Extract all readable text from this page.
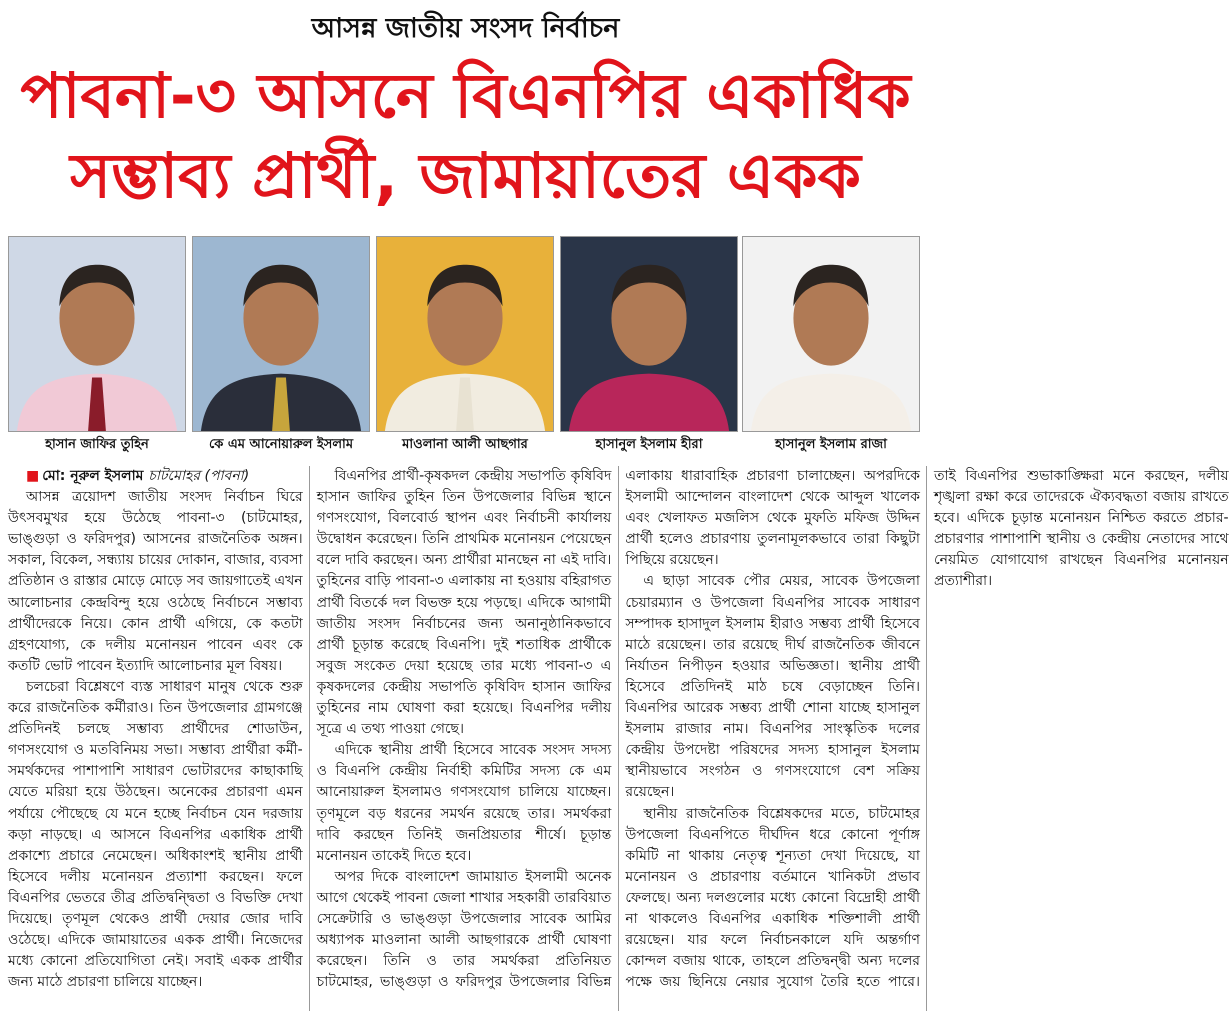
আসন্ন জাতীয় সংসদ নির্বাচন
পাবনা-৩ আসনে বিএনপির একাধিক
সম্ভাব্য প্রার্থী, জামায়াতের একক
হাসান জাফির তুহিন	কে এম আনোয়ারুল ইসলাম	মাওলানা আলী আছগার	হাসানুল ইসলাম হীরা	হাসানুল ইসলাম রাজা

■ মো: নূরুল ইসলাম চাটমোহর (পাবনা)

আসন্ন ত্রয়োদশ জাতীয় সংসদ নির্বাচন ঘিরে উৎসবমুখর হয়ে উঠেছে পাবনা-৩ (চাটমোহর, ভাঙ্গুড়া ও ফরিদপুর) আসনের রাজনৈতিক অঙ্গন। সকাল, বিকেল, সন্ধ্যায় চায়ের দোকান, বাজার, ব্যবসা প্রতিষ্ঠান ও রাস্তার মোড়ে মোড়ে সব জায়গাতেই এখন আলোচনার কেন্দ্রবিন্দু হয়ে ওঠেছে নির্বাচনে সম্ভাব্য প্রার্থীদেরকে নিয়ে। কোন প্রার্থী এগিয়ে, কে কতটা গ্রহণযোগ্য, কে দলীয় মনোনয়ন পাবেন এবং কে কতটি ভোট পাবেন ইত্যাদি আলোচনার মূল বিষয়।

চলচেরা বিশ্লেষণে ব্যস্ত সাধারণ মানুষ থেকে শুরু করে রাজনৈতিক কর্মীরাও। তিন উপজেলার গ্রামগঞ্জে প্রতিদিনই চলছে সম্ভাব্য প্রার্থীদের শোডাউন, গণসংযোগ ও মতবিনিময় সভা। সম্ভাব্য প্রার্থীরা কর্মী-সমর্থকদের পাশাপাশি সাধারণ ভোটারদের কাছাকাছি যেতে মরিয়া হয়ে উঠছেন। অনেকের প্রচারণা এমন পর্যায়ে পৌছেছে যে মনে হচ্ছে নির্বাচন যেন দরজায় কড়া নাড়ছে। এ আসনে বিএনপির একাধিক প্রার্থী প্রকাশ্যে প্রচারে নেমেছেন। অধিকাংশই স্থানীয় প্রার্থী হিসেবে দলীয় মনোনয়ন প্রত্যাশা করছেন। ফলে বিএনপির ভেতরে তীব্র প্রতিদ্বন্দ্বিতা ও বিভক্তি দেখা দিয়েছে। তৃণমূল থেকেও প্রার্থী দেয়ার জোর দাবি ওঠেছে। এদিকে জামায়াতের একক প্রার্থী। নিজেদের মধ্যে কোনো প্রতিযোগিতা নেই। সবাই একক প্রার্থীর জন্য মাঠে প্রচারণা চালিয়ে যাচ্ছেন।

বিএনপির প্রার্থী-কৃষকদল কেন্দ্রীয় সভাপতি কৃষিবিদ হাসান জাফির তুহিন তিন উপজেলার বিভিন্ন স্থানে গণসংযোগ, বিলবোর্ড স্থাপন এবং নির্বাচনী কার্যালয় উদ্বোধন করেছেন। তিনি প্রাথমিক মনোনয়ন পেয়েছেন বলে দাবি করছেন। অন্য প্রার্থীরা মানছেন না এই দাবি। তুহিনের বাড়ি পাবনা-৩ এলাকায় না হওয়ায় বহিরাগত প্রার্থী বিতর্কে দল বিভক্ত হয়ে পড়ছে। এদিকে আগামী জাতীয় সংসদ নির্বাচনের জন্য অনানুষ্ঠানিকভাবে প্রার্থী চূড়ান্ত করেছে বিএনপি। দুই শতাধিক প্রার্থীকে সবুজ সংকেত দেয়া হয়েছে তার মধ্যে পাবনা-৩ এ কৃষকদলের কেন্দ্রীয় সভাপতি কৃষিবিদ হাসান জাফির তুহিনের নাম ঘোষণা করা হয়েছে। বিএনপির দলীয় সূত্রে এ তথ্য পাওয়া গেছে।

এদিকে স্থানীয় প্রার্থী হিসেবে সাবেক সংসদ সদস্য ও বিএনপি কেন্দ্রীয় নির্বাহী কমিটির সদস্য কে এম আনোয়ারুল ইসলামও গণসংযোগ চালিয়ে যাচ্ছেন। তৃণমূলে বড় ধরনের সমর্থন রয়েছে তার। সমর্থকরা দাবি করছেন তিনিই জনপ্রিয়তার শীর্ষে। চূড়ান্ত মনোনয়ন তাকেই দিতে হবে।

অপর দিকে বাংলাদেশ জামায়াত ইসলামী অনেক আগে থেকেই পাবনা জেলা শাখার সহকারী তারবিয়াত সেক্রেটারি ও ভাঙ্গুড়া উপজেলার সাবেক আমির অধ্যাপক মাওলানা আলী আছগারকে প্রার্থী ঘোষণা করেছেন। তিনি ও তার সমর্থকরা প্রতিনিয়ত চাটমোহর, ভাঙ্গুড়া ও ফরিদপুর উপজেলার বিভিন্ন এলাকায় ধারাবাহিক প্রচারণা চালাচ্ছেন। অপরদিকে ইসলামী আন্দোলন বাংলাদেশ থেকে আব্দুল খালেক এবং খেলাফত মজলিস থেকে মুফতি মফিজ উদ্দিন প্রার্থী হলেও প্রচারণায় তুলনামূলকভাবে তারা কিছুটা পিছিয়ে রয়েছেন।

এ ছাড়া সাবেক পৌর মেয়র, সাবেক উপজেলা চেয়ারম্যান ও উপজেলা বিএনপির সাবেক সাধারণ সম্পাদক হাসাদুল ইসলাম হীরাও সম্ভব্য প্রার্থী হিসেবে মাঠে রয়েছেন। তার রয়েছে দীর্ঘ রাজনৈতিক জীবনে নির্যাতন নিপীড়ন হওয়ার অভিজ্ঞতা। স্থানীয় প্রার্থী হিসেবে প্রতিদিনই মাঠ চষে বেড়াচ্ছেন তিনি। বিএনপির আরেক সম্ভব্য প্রার্থী শোনা যাচ্ছে হাসানুল ইসলাম রাজার নাম। বিএনপির সাংস্কৃতিক দলের কেন্দ্রীয় উপদেষ্টা পরিষদের সদস্য হাসানুল ইসলাম স্থানীয়ভাবে সংগঠন ও গণসংযোগে বেশ সক্রিয় রয়েছেন।

স্থানীয় রাজনৈতিক বিশ্লেষকদের মতে, চাটমোহর উপজেলা বিএনপিতে দীর্ঘদিন ধরে কোনো পূর্ণাঙ্গ কমিটি না থাকায় নেতৃত্ব শূন্যতা দেখা দিয়েছে, যা মনোনয়ন ও প্রচারণায় বর্তমানে খানিকটা প্রভাব ফেলছে। অন্য দলগুলোর মধ্যে কোনো বিদ্রোহী প্রার্থী না থাকলেও বিএনপির একাধিক শক্তিশালী প্রার্থী রয়েছেন। যার ফলে নির্বাচনকালে যদি অন্তর্গাণ কোন্দল বজায় থাকে, তাহলে প্রতিদ্বন্দ্বী অন্য দলের পক্ষে জয় ছিনিয়ে নেয়ার সুযোগ তৈরি হতে পারে। তাই বিএনপির শুভাকাঙ্ক্ষিরা মনে করছেন, দলীয় শৃঙ্খলা রক্ষা করে তাদেরকে ঐক্যবদ্ধতা বজায় রাখতে হবে। এদিকে চূড়ান্ত মনোনয়ন নিশ্চিত করতে প্রচার-প্রচারণার পাশাপাশি স্থানীয় ও কেন্দ্রীয় নেতাদের সাথে নেয়মিত যোগাযোগ রাখছেন বিএনপির মনোনয়ন প্রত্যাশীরা।
